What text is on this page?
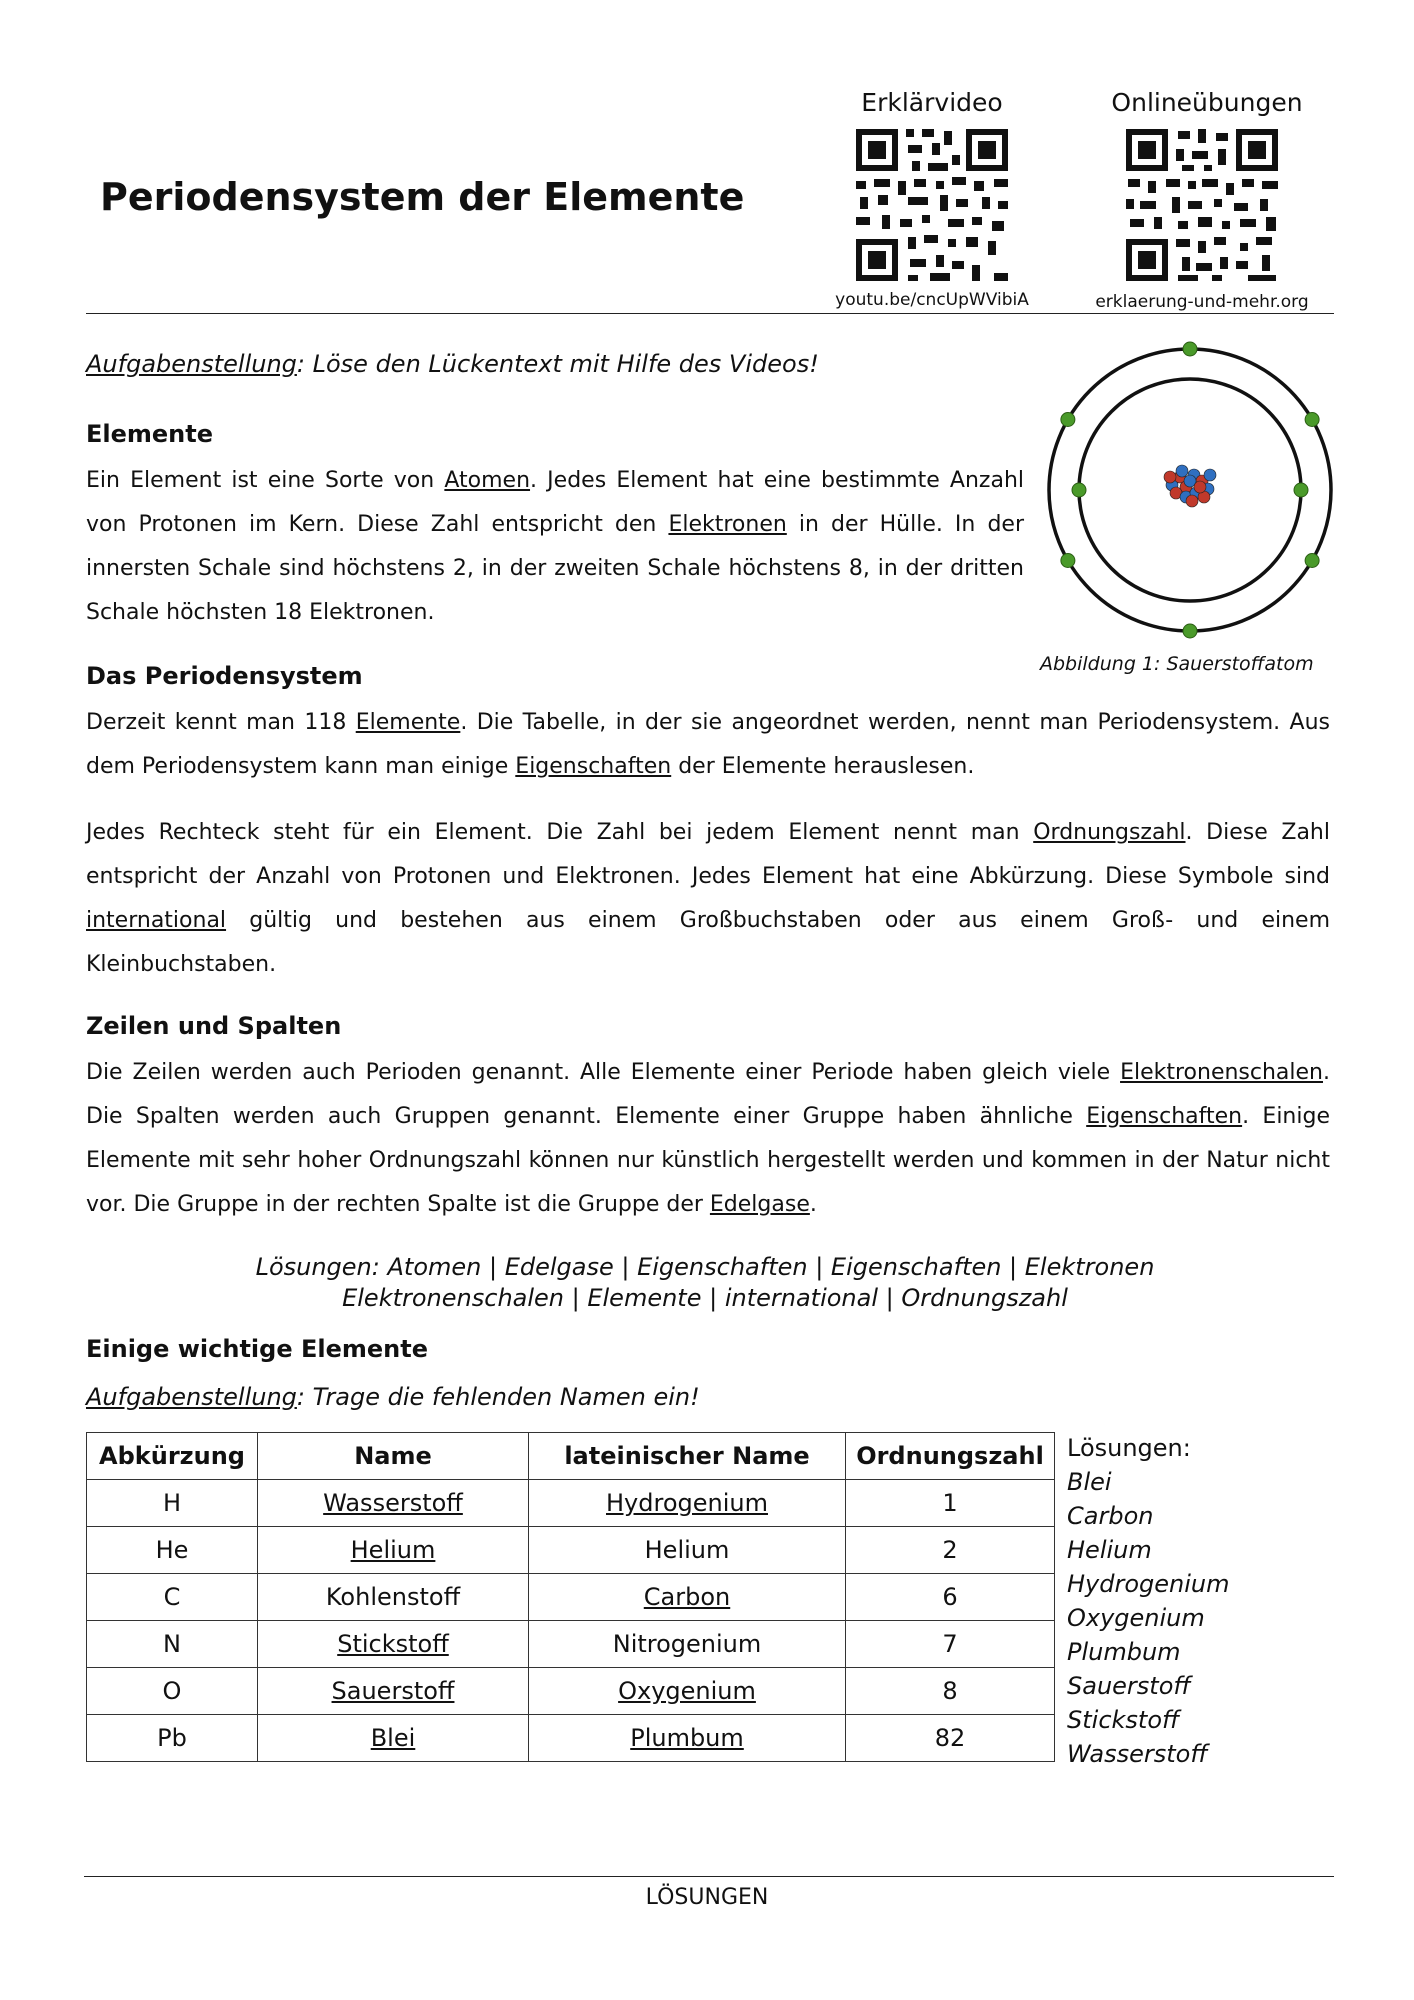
Periodensystem der Elemente
Erklärvideo
youtu.be/cncUpWVibiA
Onlineübungen
erklaerung-und-mehr.org
Aufgabenstellung: Löse den Lückentext mit Hilfe des Videos!
Elemente
Ein Element ist eine Sorte von Atomen. Jedes Element hat eine bestimmte Anzahl von Protonen im Kern. Diese Zahl entspricht den Elektronen in der Hülle. In der innersten Schale sind höchstens 2, in der zweiten Schale höchstens 8, in der dritten Schale höchsten 18 Elektronen.
Abbildung 1: Sauerstoffatom
Das Periodensystem
Derzeit kennt man 118 Elemente. Die Tabelle, in der sie angeordnet werden, nennt man Periodensystem. Aus dem Periodensystem kann man einige Eigenschaften der Elemente herauslesen.
Jedes Rechteck steht für ein Element. Die Zahl bei jedem Element nennt man Ordnungszahl. Diese Zahl entspricht der Anzahl von Protonen und Elektronen. Jedes Element hat eine Abkürzung. Diese Symbole sind international gültig und bestehen aus einem Großbuchstaben oder aus einem Groß- und einem Kleinbuchstaben.
Zeilen und Spalten
Die Zeilen werden auch Perioden genannt. Alle Elemente einer Periode haben gleich viele Elektronenschalen. Die Spalten werden auch Gruppen genannt. Elemente einer Gruppe haben ähnliche Eigenschaften. Einige Elemente mit sehr hoher Ordnungszahl können nur künstlich hergestellt werden und kommen in der Natur nicht vor. Die Gruppe in der rechten Spalte ist die Gruppe der Edelgase.
Lösungen: Atomen | Edelgase | Eigenschaften | Eigenschaften | Elektronen
Elektronenschalen | Elemente | international | Ordnungszahl
Einige wichtige Elemente
Aufgabenstellung: Trage die fehlenden Namen ein!
Abkürzung	Name	lateinischer Name	Ordnungszahl
H	Wasserstoff	Hydrogenium	1
He	Helium	Helium	2
C	Kohlenstoff	Carbon	6
N	Stickstoff	Nitrogenium	7
O	Sauerstoff	Oxygenium	8
Pb	Blei	Plumbum	82
Lösungen:
Blei
Carbon
Helium
Hydrogenium
Oxygenium
Plumbum
Sauerstoff
Stickstoff
Wasserstoff
LÖSUNGEN
